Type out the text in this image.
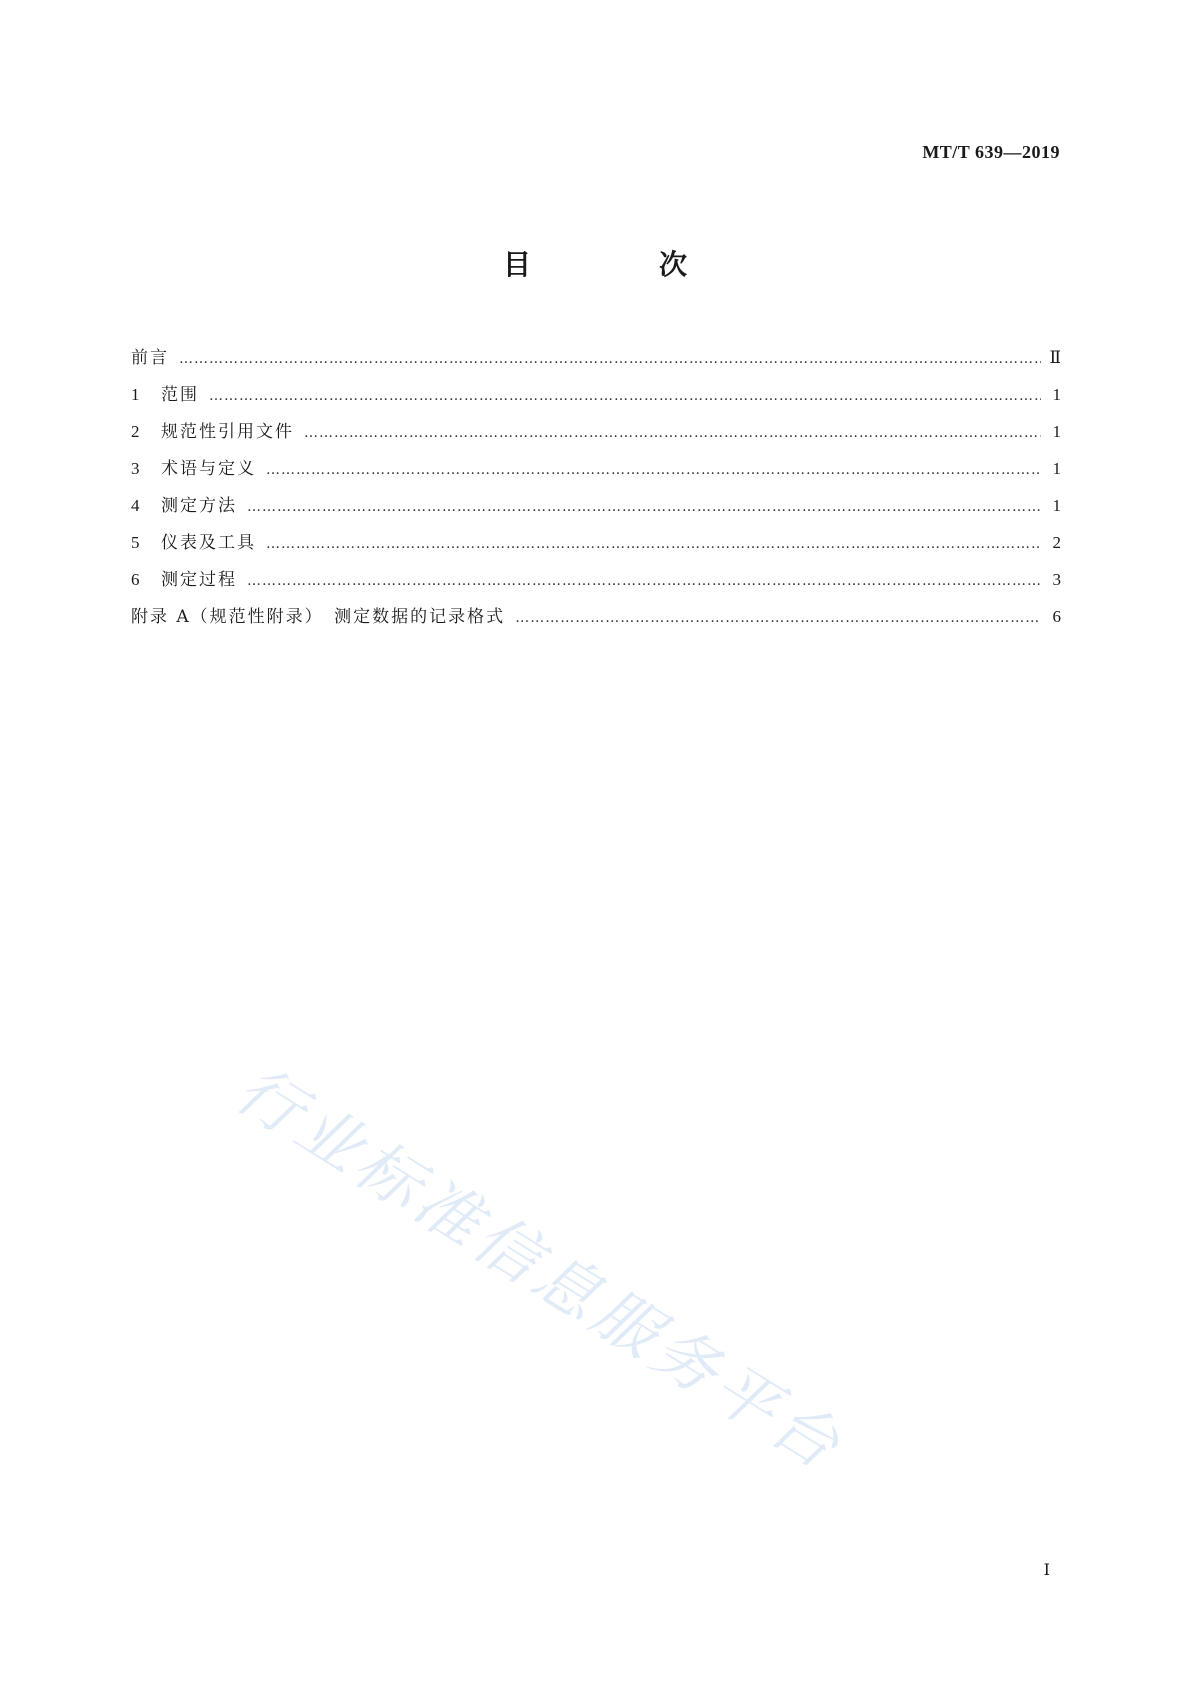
MT/T 639—2019
目　次
前言 ……………………………………………………………………………………………………………………………………………………………………………………………………………………	Ⅱ
1	范围 ……………………………………………………………………………………………………………………………………………………………………………………………………………………	1
2	规范性引用文件 ……………………………………………………………………………………………………………………………………………………………………………………………………………………	1
3	术语与定义 ……………………………………………………………………………………………………………………………………………………………………………………………………………………	1
4	测定方法 ……………………………………………………………………………………………………………………………………………………………………………………………………………………	1
5	仪表及工具 ……………………………………………………………………………………………………………………………………………………………………………………………………………………	2
6	测定过程 ……………………………………………………………………………………………………………………………………………………………………………………………………………………	3
附录 A（规范性附录）　测定数据的记录格式 ……………………………………………………………………………………………………………………………………………………………………………………………………………………	6
行业标准信息服务平台
Ⅰ
